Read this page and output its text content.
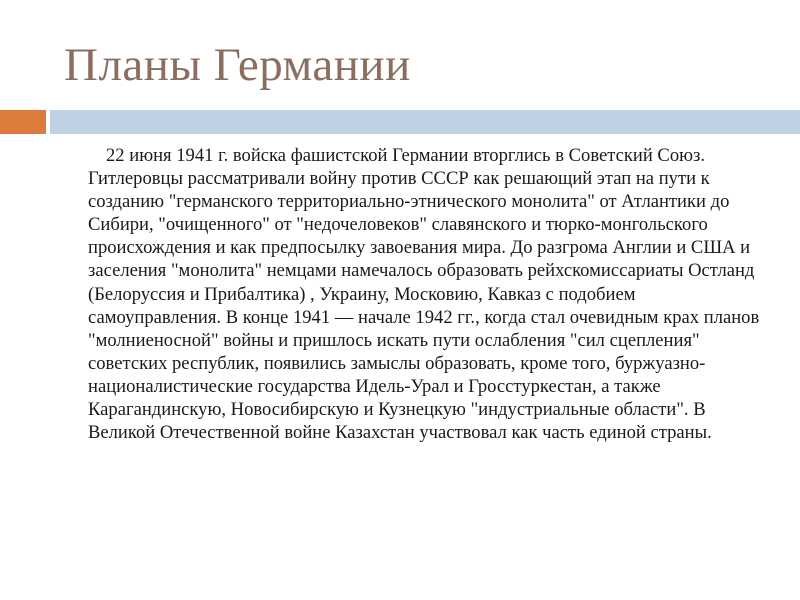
Планы Германии

22 июня 1941 г. войска фашистской Германии вторглись в Советский Союз. Гитлеровцы рассматривали войну против СССР как решающий этап на пути к созданию "германского территориально-этнического монолита" от Атлантики до Сибири, "очищенного" от "недочеловеков" славянского и тюрко-монгольского происхождения и как предпосылку завоевания мира. До разгрома Англии и США и заселения "монолита" немцами намечалось образовать рейхскомиссариаты Остланд (Белоруссия и Прибалтика) , Украину, Московию, Кавказ с подобием самоуправления. В конце 1941 — начале 1942 гг., когда стал очевидным крах планов "молниеносной" войны и пришлось искать пути ослабления "сил сцепления" советских республик, появились замыслы образовать, кроме того, буржуазно-националистические государства Идель-Урал и Гросстуркестан, а также Карагандинскую, Новосибирскую и Кузнецкую "индустриальные области". В Великой Отечественной войне Казахстан участвовал как часть единой страны.
